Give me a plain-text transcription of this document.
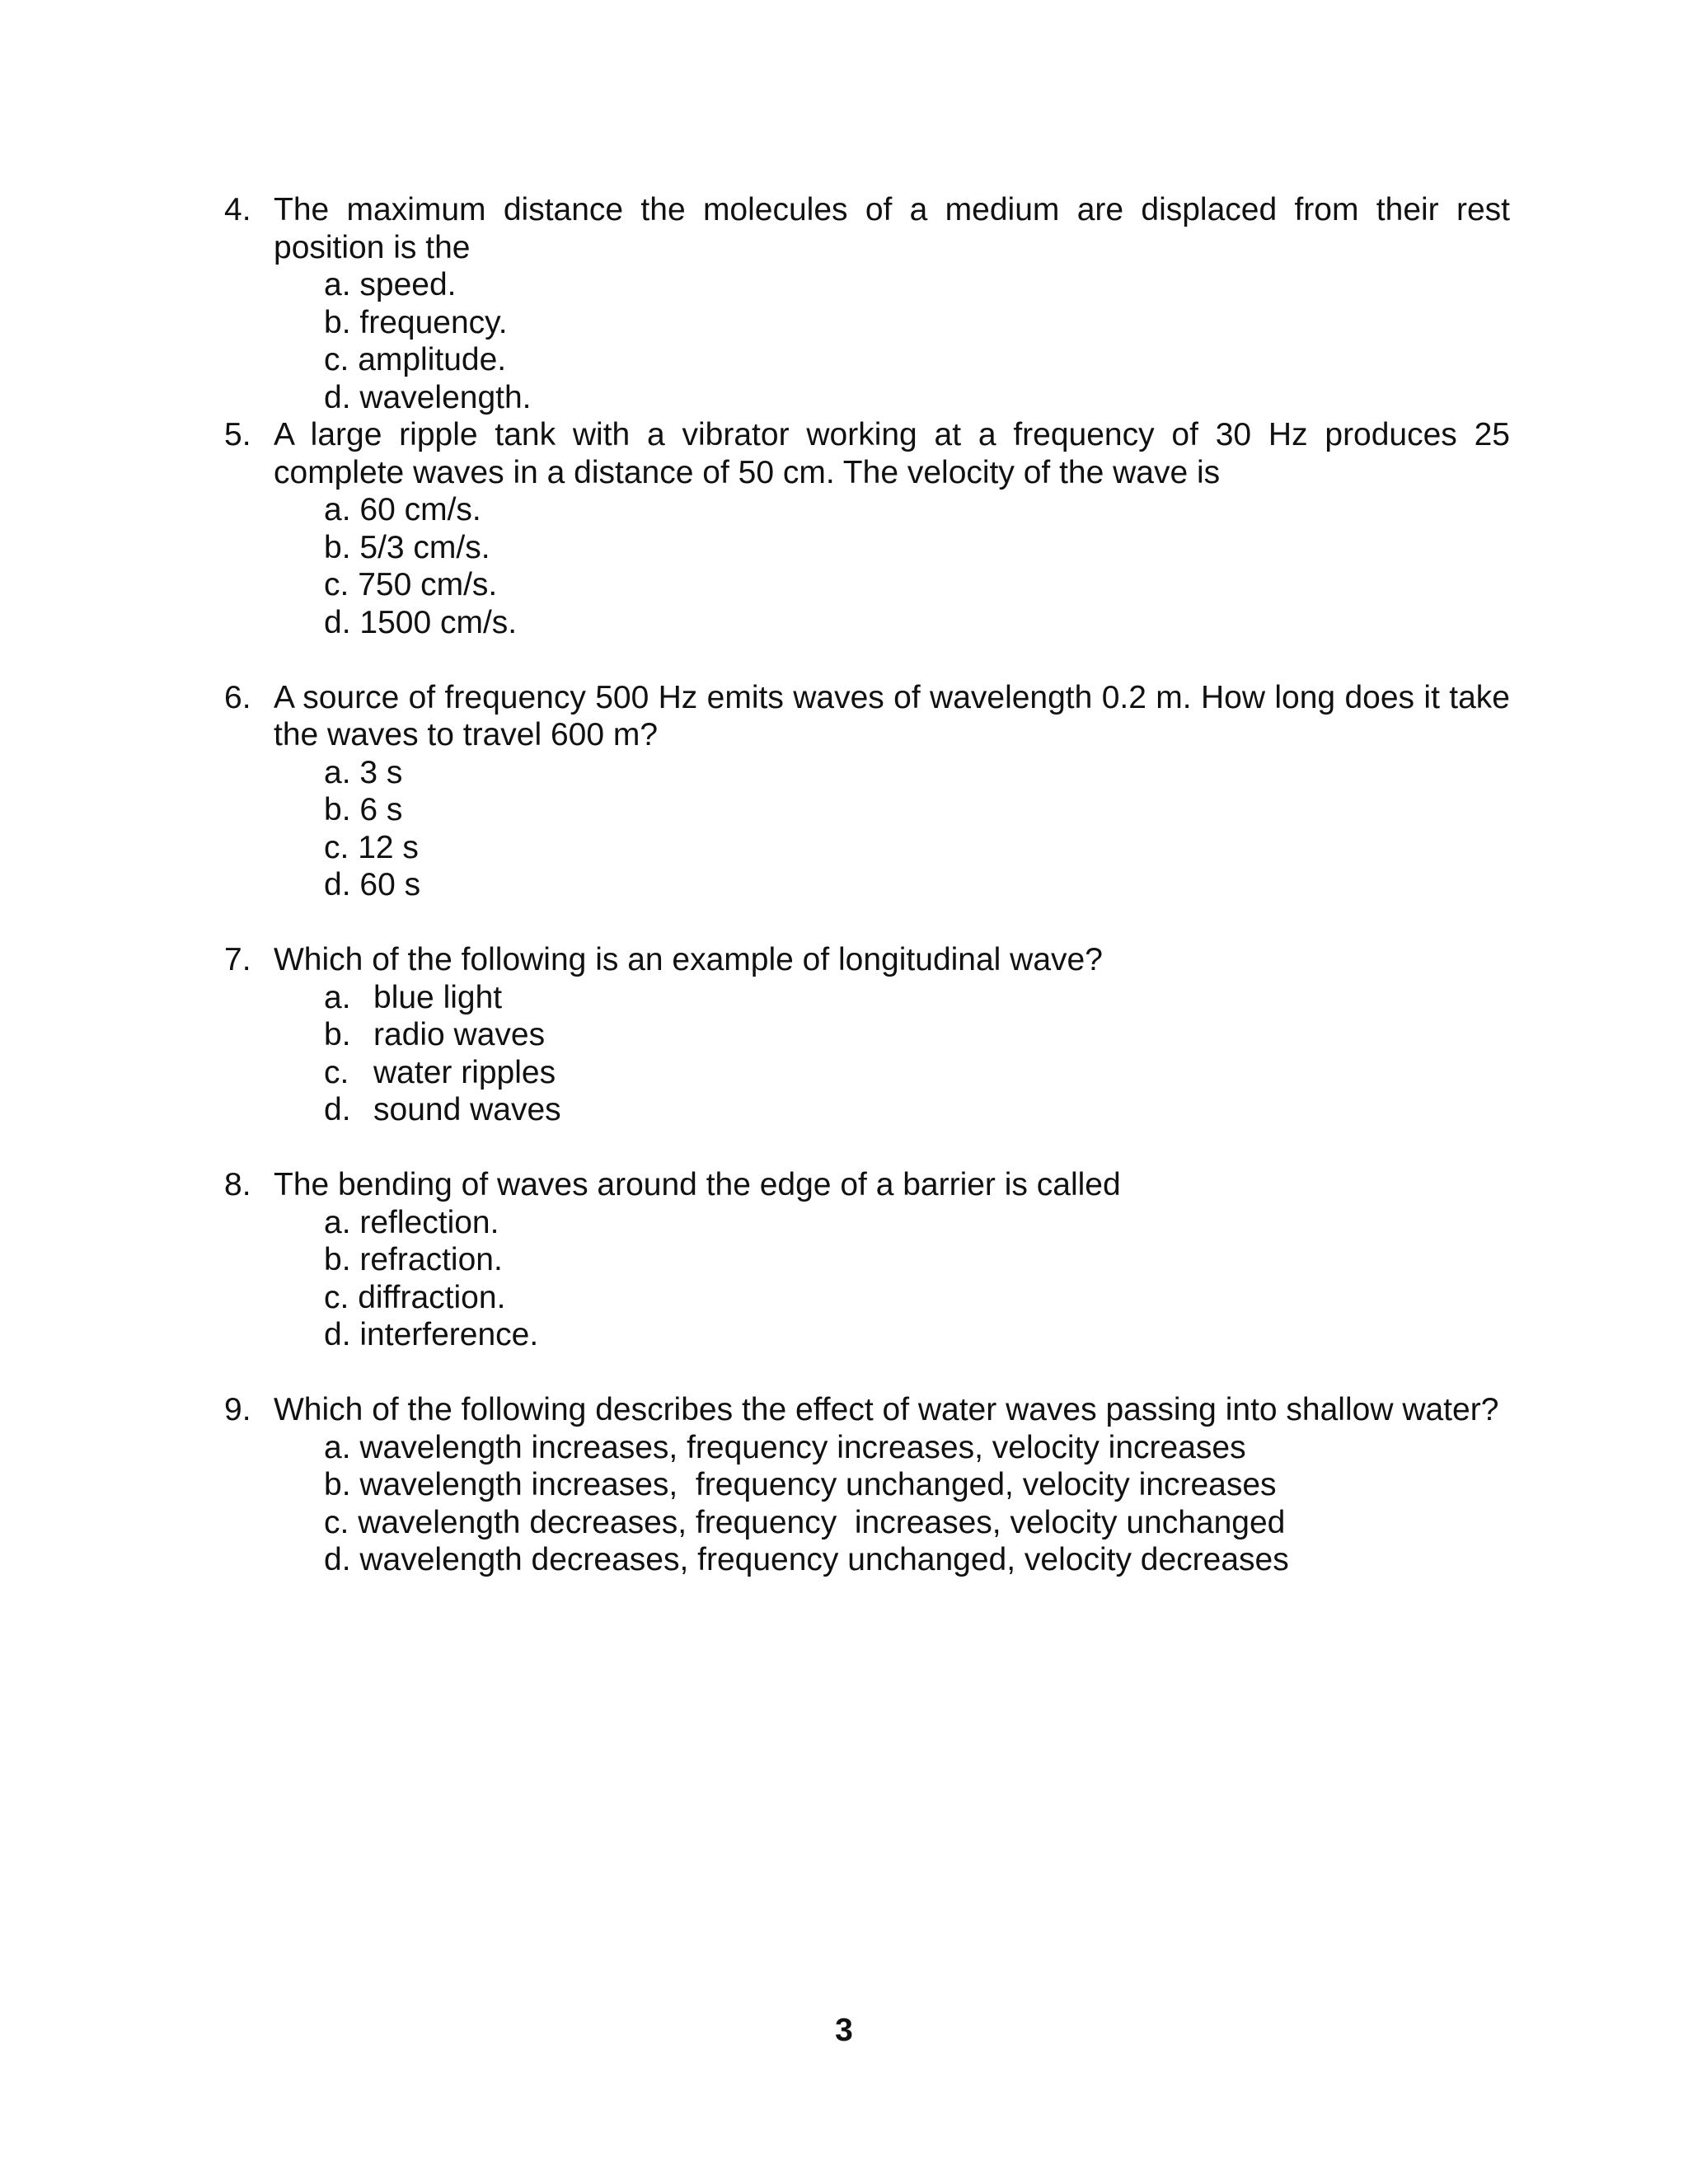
4. The maximum distance the molecules of a medium are displaced from their rest position is the
a. speed.
b. frequency.
c. amplitude.
d. wavelength.
5. A large ripple tank with a vibrator working at a frequency of 30 Hz produces 25 complete waves in a distance of 50 cm. The velocity of the wave is
a. 60 cm/s.
b. 5/3 cm/s.
c. 750 cm/s.
d. 1500 cm/s.
6. A source of frequency 500 Hz emits waves of wavelength 0.2 m. How long does it take the waves to travel 600 m?
a. 3 s
b. 6 s
c. 12 s
d. 60 s
7. Which of the following is an example of longitudinal wave?
a. blue light
b. radio waves
c. water ripples
d. sound waves
8. The bending of waves around the edge of a barrier is called
a. reflection.
b. refraction.
c. diffraction.
d. interference.
9. Which of the following describes the effect of water waves passing into shallow water?
a. wavelength increases, frequency increases, velocity increases
b. wavelength increases,  frequency unchanged, velocity increases
c. wavelength decreases, frequency  increases, velocity unchanged
d. wavelength decreases, frequency unchanged, velocity decreases
3
